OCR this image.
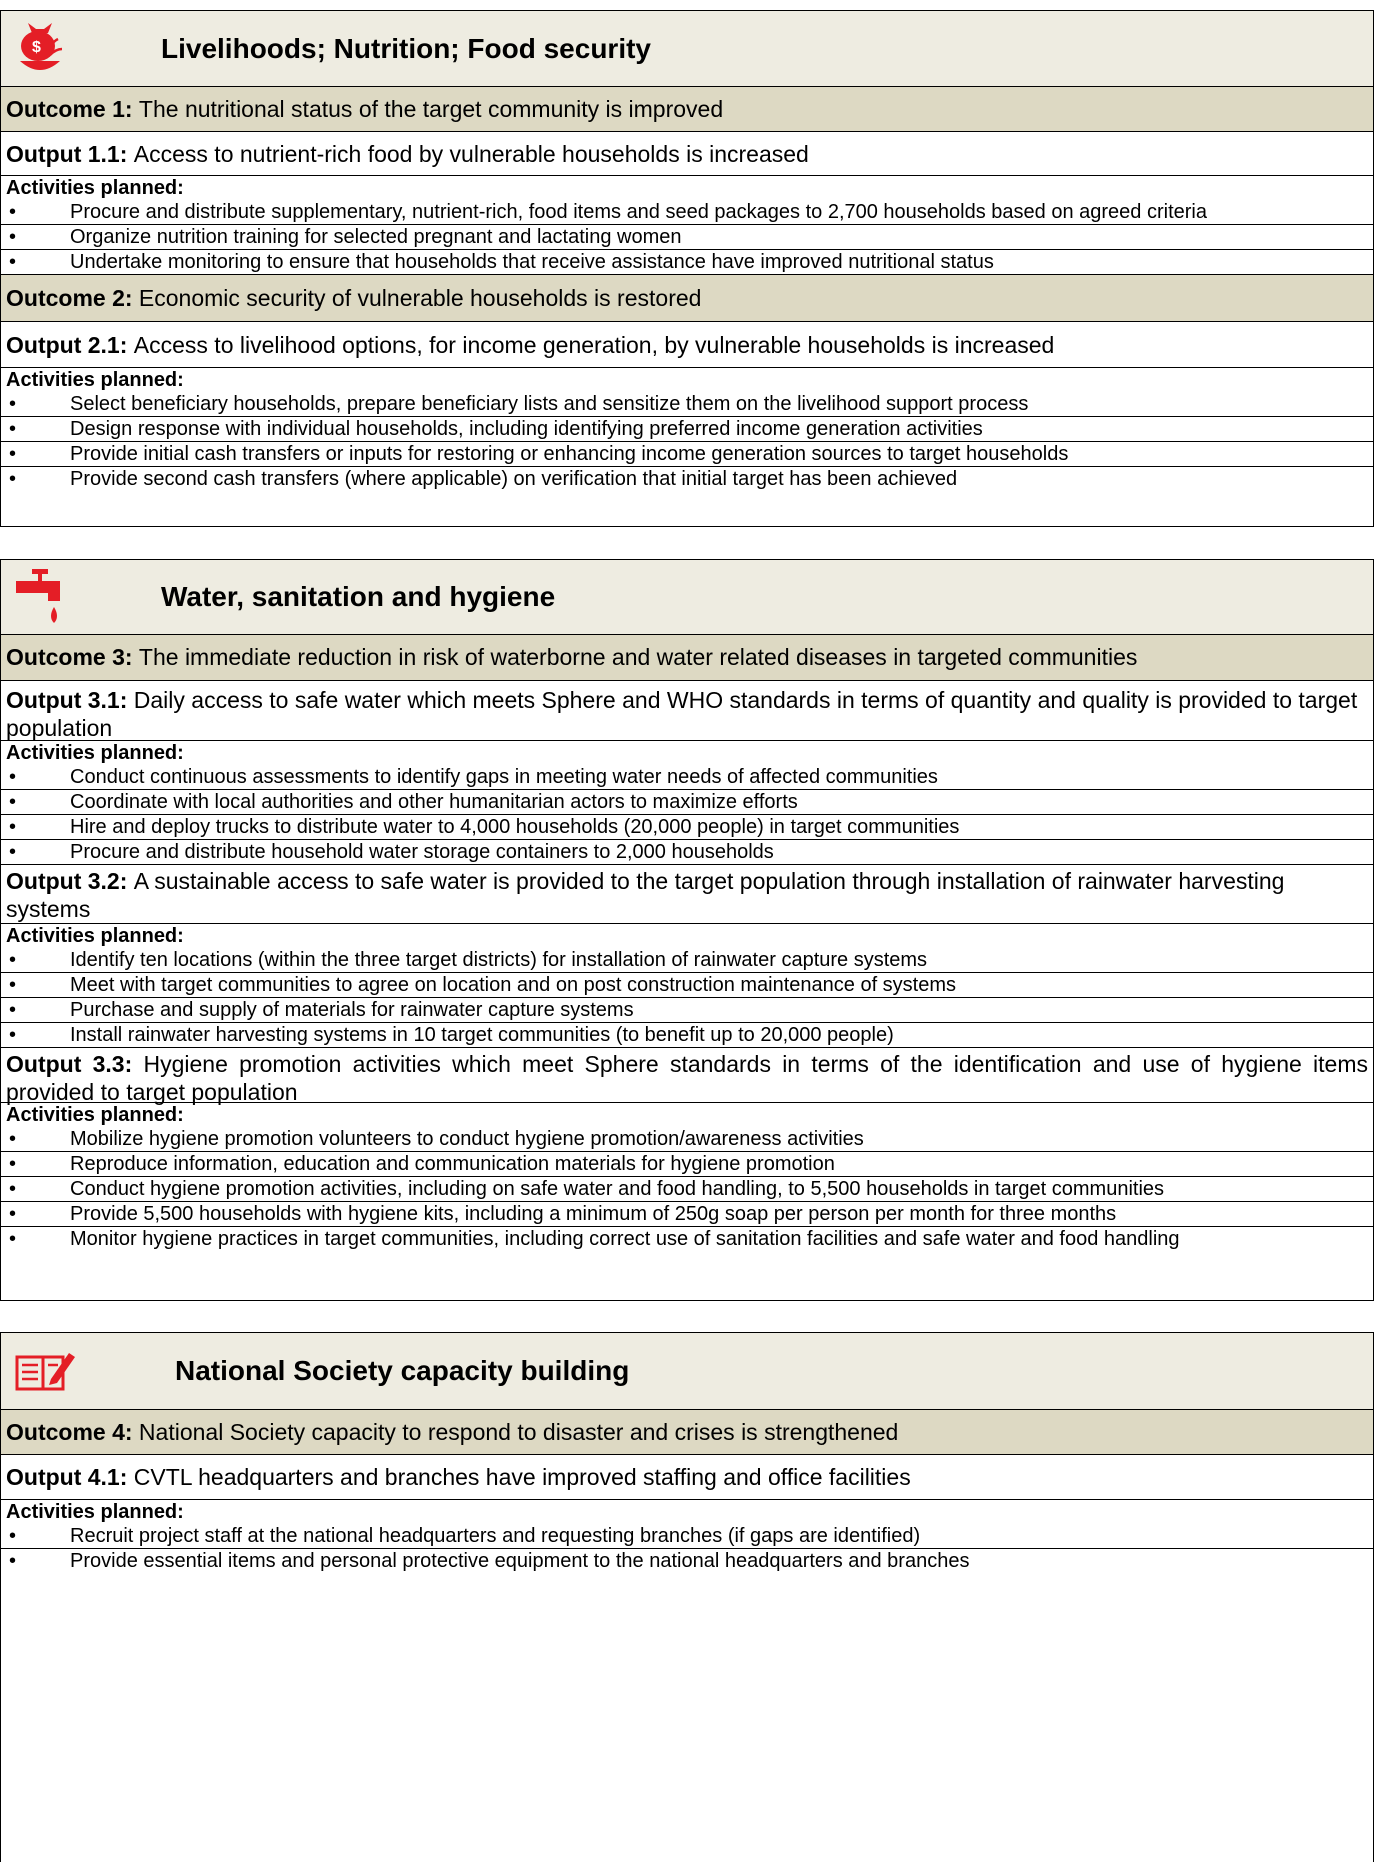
$	Livelihoods; Nutrition; Food security
Outcome 1:
The nutritional status of the target community is improved
Output 1.1:
Access to nutrient-rich food by vulnerable households is increased
Activities planned:
• Procure and distribute supplementary, nutrient-rich, food items and seed packages to 2,700 households based on agreed criteria
• Organize nutrition training for selected pregnant and lactating women
• Undertake monitoring to ensure that households that receive assistance have improved nutritional status
Outcome 2:
Economic security of vulnerable households is restored
Output 2.1:
Access to livelihood options, for income generation, by vulnerable households is increased
Activities planned:
• Select beneficiary households, prepare beneficiary lists and sensitize them on the livelihood support process
• Design response with individual households, including identifying preferred income generation activities
• Provide initial cash transfers or inputs for restoring or enhancing income generation sources to target households
• Provide second cash transfers (where applicable) on verification that initial target has been achieved
Water, sanitation and hygiene
Outcome 3:
The immediate reduction in risk of waterborne and water related diseases in targeted communities
Output 3.1: Daily access to safe water which meets Sphere and WHO standards in terms of quantity and quality is provided to target population
Activities planned:
• Conduct continuous assessments to identify gaps in meeting water needs of affected communities
• Coordinate with local authorities and other humanitarian actors to maximize efforts
• Hire and deploy trucks to distribute water to 4,000 households (20,000 people) in target communities
• Procure and distribute household water storage containers to 2,000 households
Output 3.2: A sustainable access to safe water is provided to the target population through installation of rainwater harvesting systems
Activities planned:
• Identify ten locations (within the three target districts) for installation of rainwater capture systems
• Meet with target communities to agree on location and on post construction maintenance of systems
• Purchase and supply of materials for rainwater capture systems
• Install rainwater harvesting systems in 10 target communities (to benefit up to 20,000 people)
Output 3.3: Hygiene promotion activities which meet Sphere standards in terms of the identification and use of hygiene items provided to target population
Activities planned:
• Mobilize hygiene promotion volunteers to conduct hygiene promotion/awareness activities
• Reproduce information, education and communication materials for hygiene promotion
• Conduct hygiene promotion activities, including on safe water and food handling, to 5,500 households in target communities
• Provide 5,500 households with hygiene kits, including a minimum of 250g soap per person per month for three months
• Monitor hygiene practices in target communities, including correct use of sanitation facilities and safe water and food handling
National Society capacity building
Outcome 4:
National Society capacity to respond to disaster and crises is strengthened
Output 4.1:
CVTL headquarters and branches have improved staffing and office facilities
Activities planned:
• Recruit project staff at the national headquarters and requesting branches (if gaps are identified)
• Provide essential items and personal protective equipment to the national headquarters and branches
